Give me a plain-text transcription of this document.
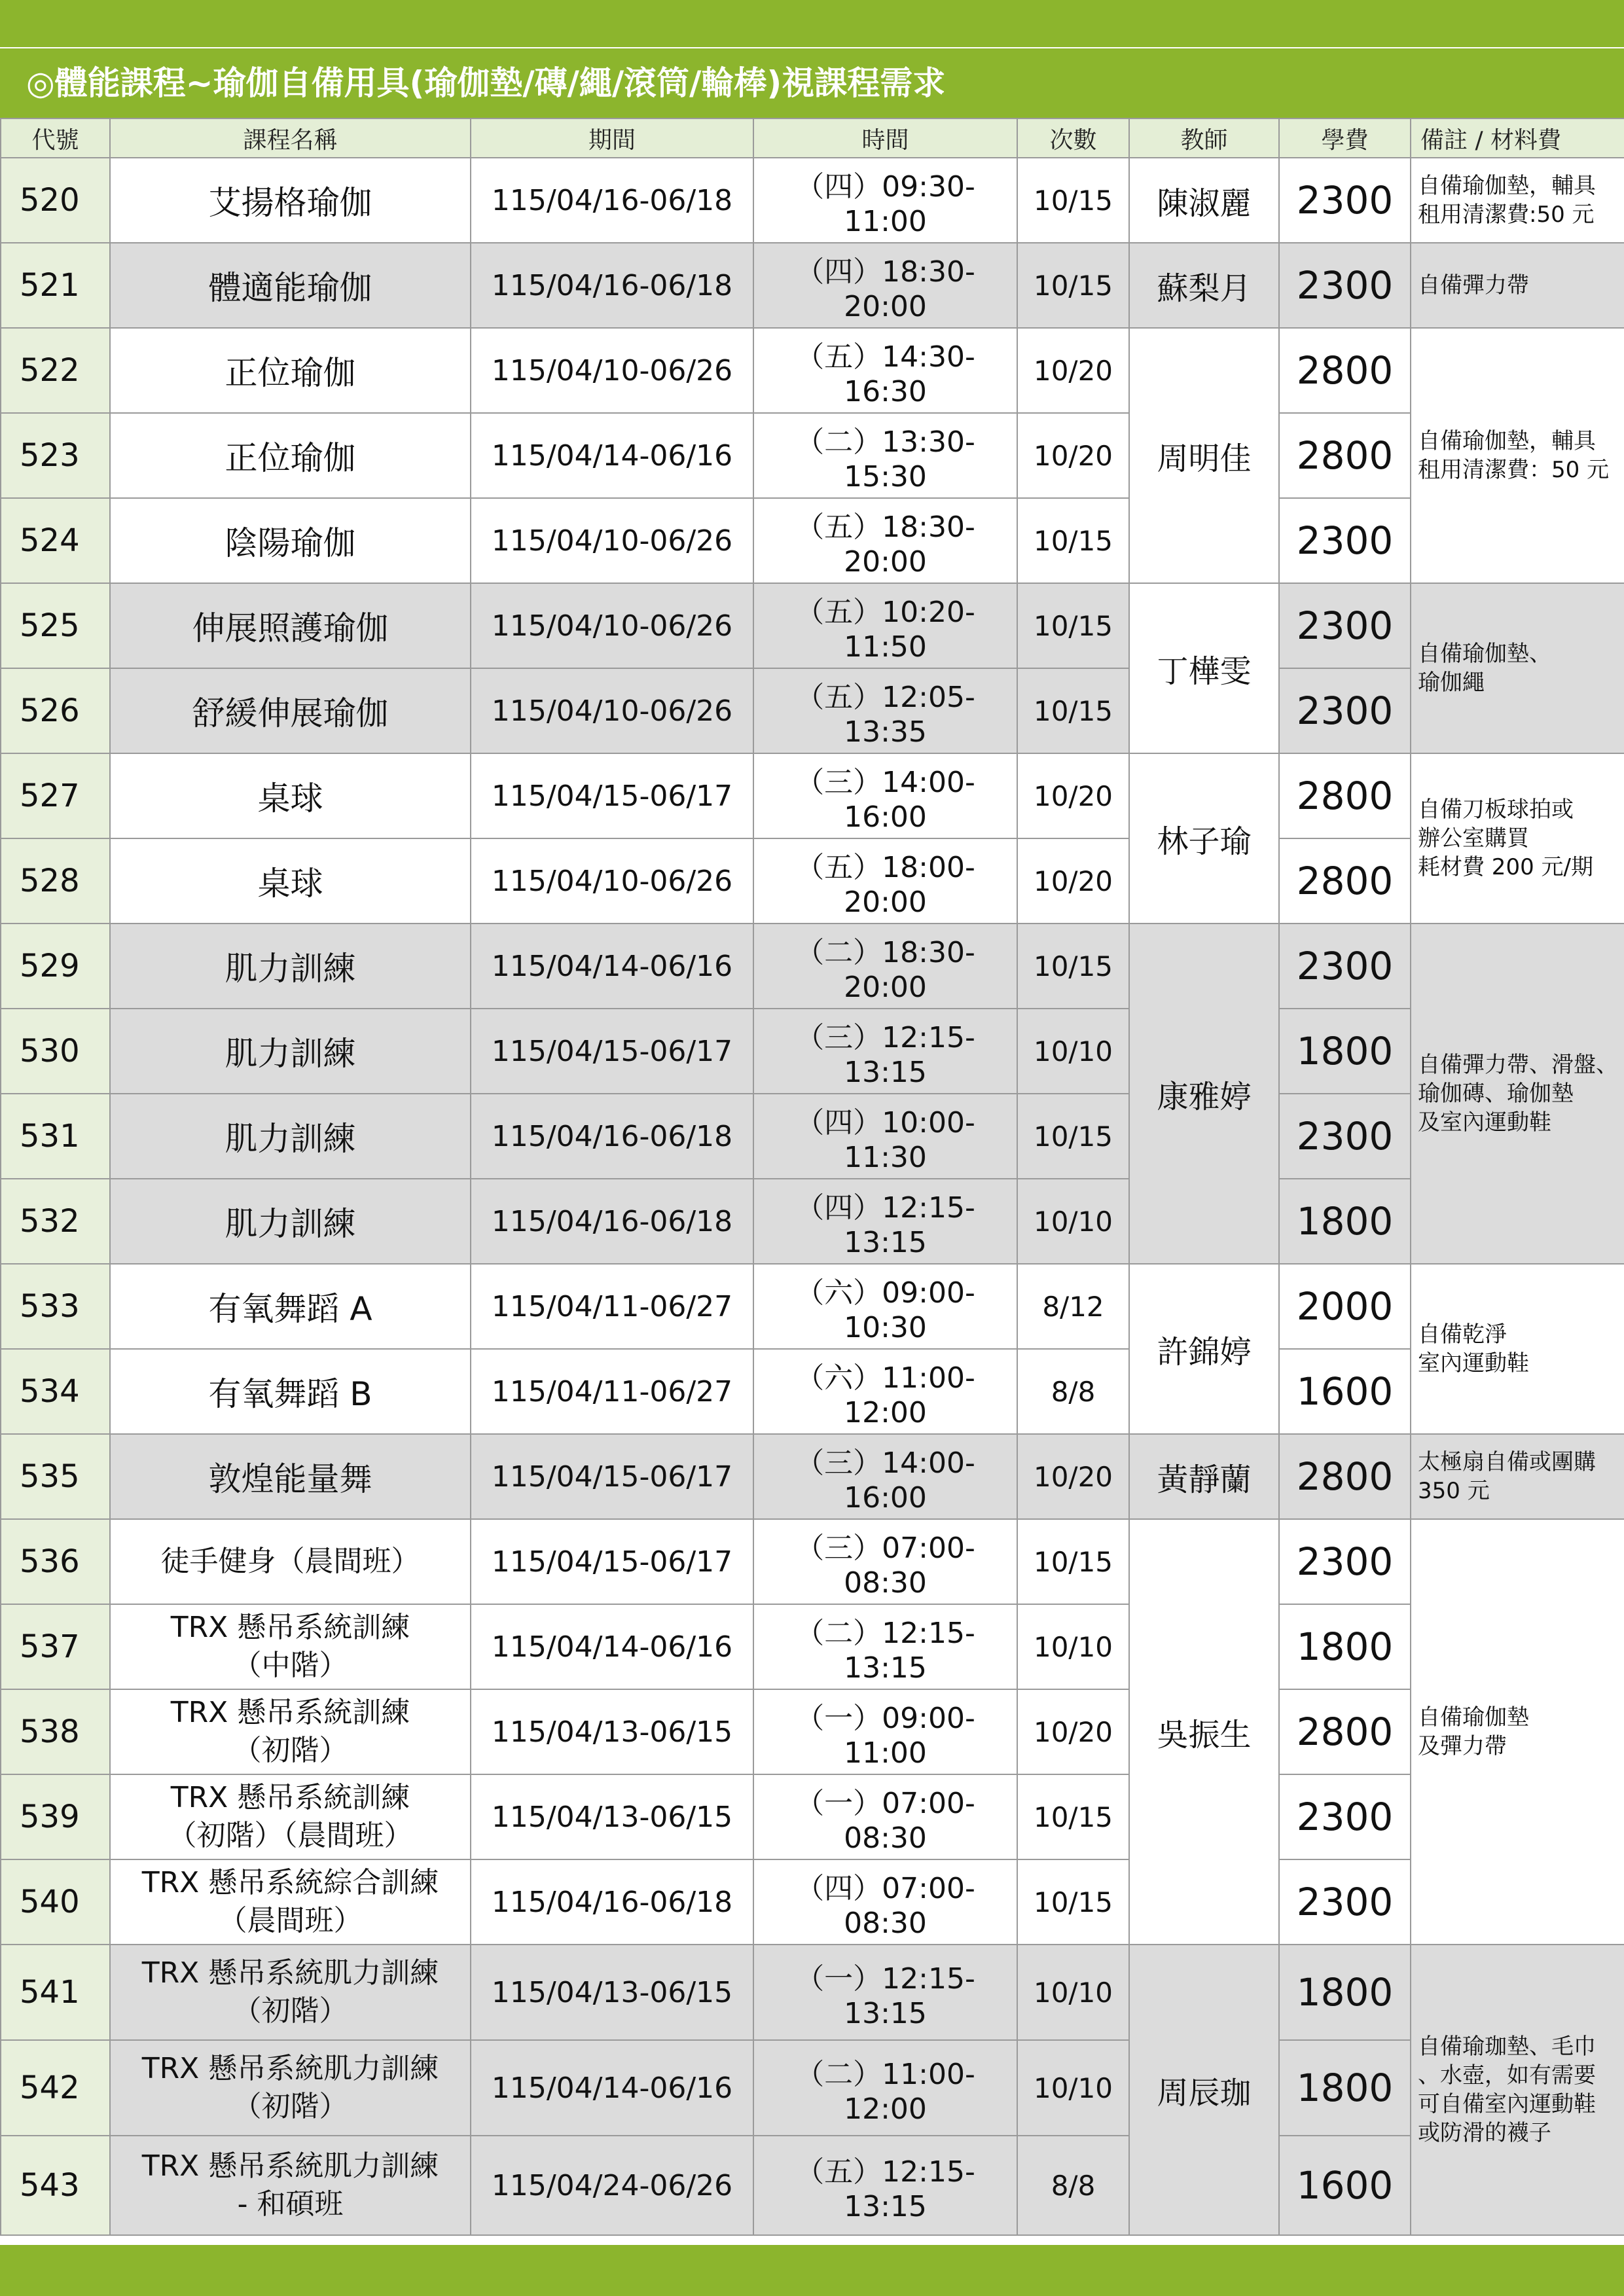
◎體能課程~瑜伽自備用具(瑜伽墊/磚/繩/滾筒/輪棒)視課程需求
代號	課程名稱	期間	時間	次數	教師	學費	備註 / 材料費
520	艾揚格瑜伽	115/04/16-06/18	（四）09:30-11:00	10/15	陳淑麗	2300	自備瑜伽墊，輔具
租用清潔費:50 元
521	體適能瑜伽	115/04/16-06/18	（四）18:30-20:00	10/15	蘇梨月	2300	自備彈力帶
522	正位瑜伽	115/04/10-06/26	（五）14:30-16:30	10/20	周明佳	2800	自備瑜伽墊，輔具
租用清潔費：50 元
523	正位瑜伽	115/04/14-06/16	（二）13:30-15:30	10/20		2800	
524	陰陽瑜伽	115/04/10-06/26	（五）18:30-20:00	10/15		2300	
525	伸展照護瑜伽	115/04/10-06/26	（五）10:20-11:50	10/15	丁樺雯	2300	自備瑜伽墊、
瑜伽繩
526	舒緩伸展瑜伽	115/04/10-06/26	（五）12:05-13:35	10/15		2300	
527	桌球	115/04/15-06/17	（三）14:00-16:00	10/20	林子瑜	2800	自備刀板球拍或
辦公室購買
耗材費 200 元/期
528	桌球	115/04/10-06/26	（五）18:00-20:00	10/20		2800	
529	肌力訓練	115/04/14-06/16	（二）18:30-20:00	10/15	康雅婷	2300	自備彈力帶、滑盤、
瑜伽磚、瑜伽墊
及室內運動鞋
530	肌力訓練	115/04/15-06/17	（三）12:15-13:15	10/10		1800	
531	肌力訓練	115/04/16-06/18	（四）10:00-11:30	10/15		2300	
532	肌力訓練	115/04/16-06/18	（四）12:15-13:15	10/10		1800	
533	有氧舞蹈 A	115/04/11-06/27	（六）09:00-10:30	8/12	許錦婷	2000	自備乾淨
室內運動鞋
534	有氧舞蹈 B	115/04/11-06/27	（六）11:00-12:00	8/8		1600	
535	敦煌能量舞	115/04/15-06/17	（三）14:00-16:00	10/20	黃靜蘭	2800	太極扇自備或團購
350 元
536	徒手健身（晨間班）	115/04/15-06/17	（三）07:00-08:30	10/15	吳振生	2300	自備瑜伽墊
及彈力帶
537	TRX 懸吊系統訓練
（中階）	115/04/14-06/16	（二）12:15-13:15	10/10		1800	
538	TRX 懸吊系統訓練
（初階）	115/04/13-06/15	（一）09:00-11:00	10/20		2800	
539	TRX 懸吊系統訓練
（初階）（晨間班）	115/04/13-06/15	（一）07:00-08:30	10/15		2300	
540	TRX 懸吊系統綜合訓練
（晨間班）	115/04/16-06/18	（四）07:00-08:30	10/15		2300	
541	TRX 懸吊系統肌力訓練
（初階）	115/04/13-06/15	（一）12:15-13:15	10/10	周辰珈	1800	自備瑜珈墊、毛巾
、水壺，如有需要
可自備室內運動鞋
或防滑的襪子
542	TRX 懸吊系統肌力訓練
（初階）	115/04/14-06/16	（二）11:00-12:00	10/10		1800	
543	TRX 懸吊系統肌力訓練
- 和碩班	115/04/24-06/26	（五）12:15-13:15	8/8		1600	
